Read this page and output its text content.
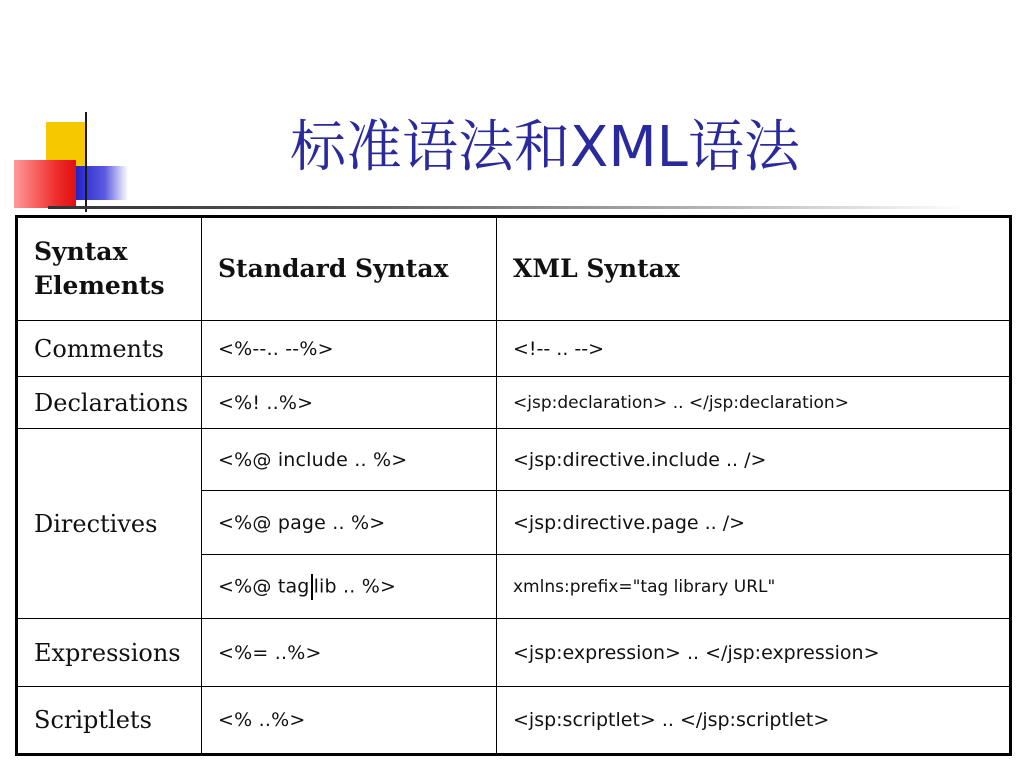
标准语法和XML语法
Syntax
Elements	Standard Syntax	XML Syntax
Comments	<%--.. --%>	<!-- .. -->
Declarations	<%! ..%>	<jsp:declaration> .. </jsp:declaration>
Directives	<%@ include .. %>	<jsp:directive.include .. />
	<%@ page .. %>	<jsp:directive.page .. />
	<%@ tag lib .. %>	xmlns:prefix="tag library URL"
Expressions	<%= ..%>	<jsp:expression> .. </jsp:expression>
Scriptlets	<% ..%>	<jsp:scriptlet> .. </jsp:scriptlet>
